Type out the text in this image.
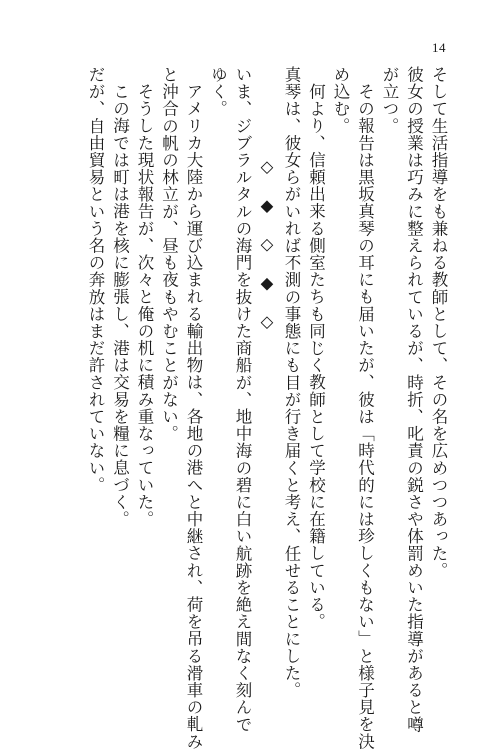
14
そして生活指導をも兼ねる教師として、その名を広めつつあった。
彼女の授業は巧みに整えられているが、時折、叱責の鋭さや体罰めいた指導があると噂
が立つ。
その報告は黒坂真琴の耳にも届いたが、彼は「時代的には珍しくもない」と様子見を決
め込む。
何より、信頼出来る側室たちも同じく教師として学校に在籍している。
真琴は、彼女らがいれば不測の事態にも目が行き届くと考え、任せることにした。
◇◆◇◆◇
いま、ジブラルタルの海門を抜けた商船が、地中海の碧に白い航跡を絶え間なく刻んで
ゆく。
アメリカ大陸から運び込まれる輸出物は、各地の港へと中継され、荷を吊る滑車の軋み
と沖合の帆の林立が、昼も夜もやむことがない。
そうした現状報告が、次々と俺の机に積み重なっていた。
この海では町は港を核に膨張し、港は交易を糧に息づく。
だが、自由貿易という名の奔放はまだ許されていない。
